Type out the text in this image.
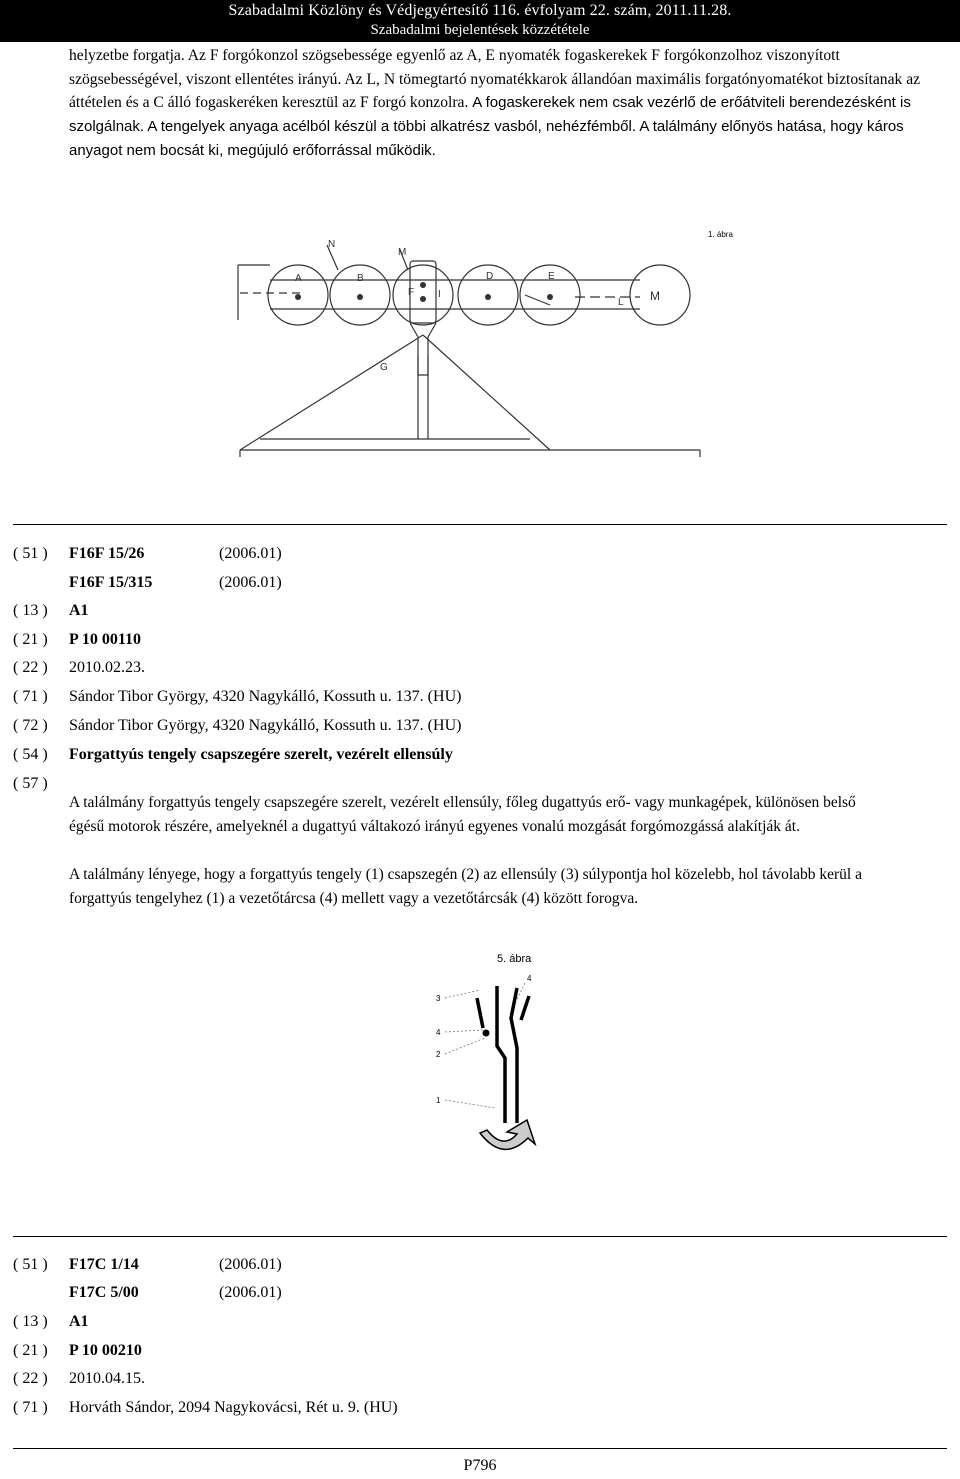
Szabadalmi Közlöny és Védjegyértesítő 116. évfolyam 22. szám, 2011.11.28.
Szabadalmi bejelentések közzététele
helyzetbe forgatja. Az F forgókonzol szögsebessége egyenlő az A, E nyomaték fogaskerekek F forgókonzolhoz viszonyított szögsebességével, viszont ellentétes irányú. Az L, N tömegtartó nyomatékkarok állandóan maximális forgatónyomatékot biztosítanak az áttételen és a C álló fogaskeréken keresztül az F forgó konzolra. A fogaskerekek nem csak vezérlő de erőátviteli berendezésként is szolgálnak. A tengelyek anyaga acélból készül a többi alkatrész vasból, nehézfémből. A találmány előnyös hatása, hogy káros anyagot nem bocsát ki, megújuló erőforrással működik.
N
M
A	B	D	E
L M
G
F I
1. ábra
( 51 )	F16F 15/26	(2006.01)
F16F 15/315	(2006.01)
( 13 )	A1
( 21 )	P 10 00110
( 22 )	2010.02.23.
( 71 )	Sándor Tibor György, 4320 Nagykálló, Kossuth u. 137. (HU)
( 72 )	Sándor Tibor György, 4320 Nagykálló, Kossuth u. 137. (HU)
( 54 )	Forgattyús tengely csapszegére szerelt, vezérelt ellensúly
( 57 )
A találmány forgattyús tengely csapszegére szerelt, vezérelt ellensúly, főleg dugattyús erő- vagy munkagépek, különösen belső égésű motorok részére, amelyeknél a dugattyú váltakozó irányú egyenes vonalú mozgását forgómozgássá alakítják át.
A találmány lényege, hogy a forgattyús tengely (1) csapszegén (2) az ellensúly (3) súlypontja hol közelebb, hol távolabb kerül a forgattyús tengelyhez (1) a vezetőtárcsa (4) mellett vagy a vezetőtárcsák (4) között forogva.
5. ábra
4
3
4
2
1
( 51 )	F17C 1/14	(2006.01)
F17C 5/00	(2006.01)
( 13 )	A1
( 21 )	P 10 00210
( 22 )	2010.04.15.
( 71 )	Horváth Sándor, 2094 Nagykovácsi, Rét u. 9. (HU)
P796
